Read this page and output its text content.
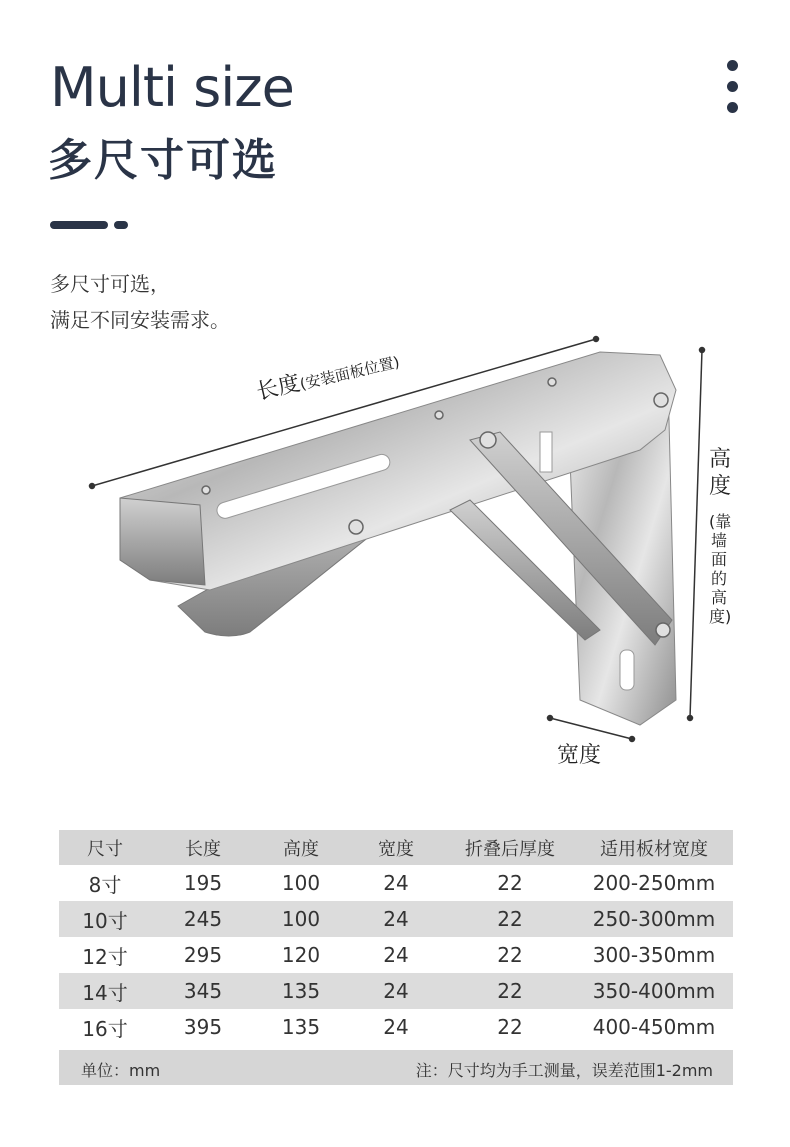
Multi size
多尺寸可选
多尺寸可选，
满足不同安装需求。
长度(安装面板位置)
高度
(靠墙面的高度)
宽度
尺寸	长度	高度	宽度	折叠后厚度	适用板材宽度
8寸	195	100	24	22	200-250mm
10寸	245	100	24	22	250-300mm
12寸	295	120	24	22	300-350mm
14寸	345	135	24	22	350-400mm
16寸	395	135	24	22	400-450mm
单位：mm	注：尺寸均为手工测量，误差范围1-2mm
